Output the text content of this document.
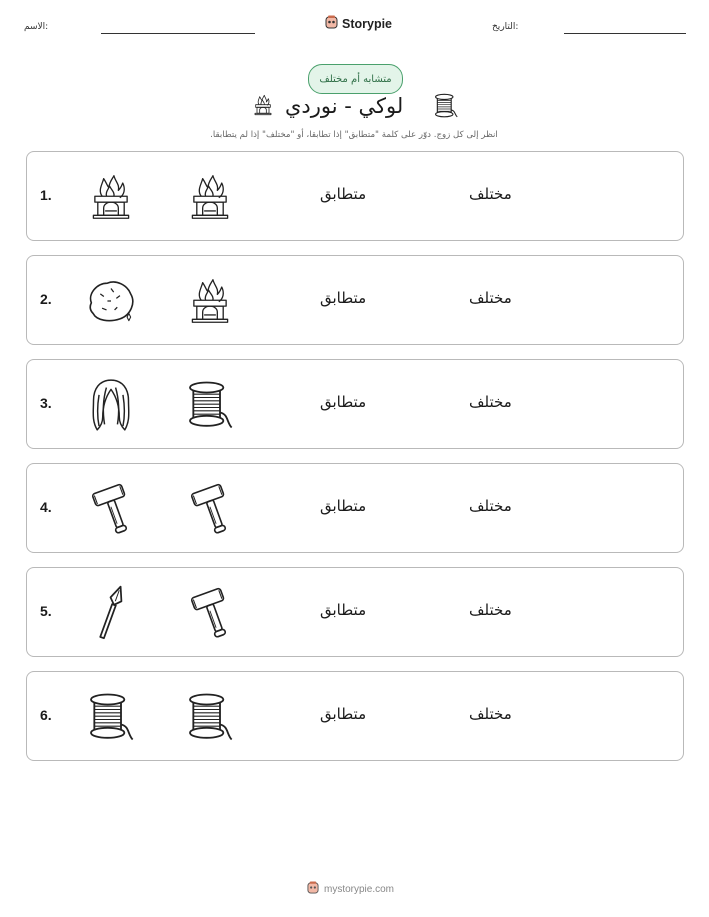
الاسم:	Storypie	التاريخ:
متشابه أم مختلف
لوكي - نوردي
انظر إلى كل زوج. دوّر على كلمة "متطابق" إذا تطابقا، أو "مختلف" إذا لم يتطابقا.
1.	متطابق	مختلف
2.	متطابق	مختلف
3.	متطابق	مختلف
4.	متطابق	مختلف
5.	متطابق	مختلف
6.	متطابق	مختلف
mystorypie.com
